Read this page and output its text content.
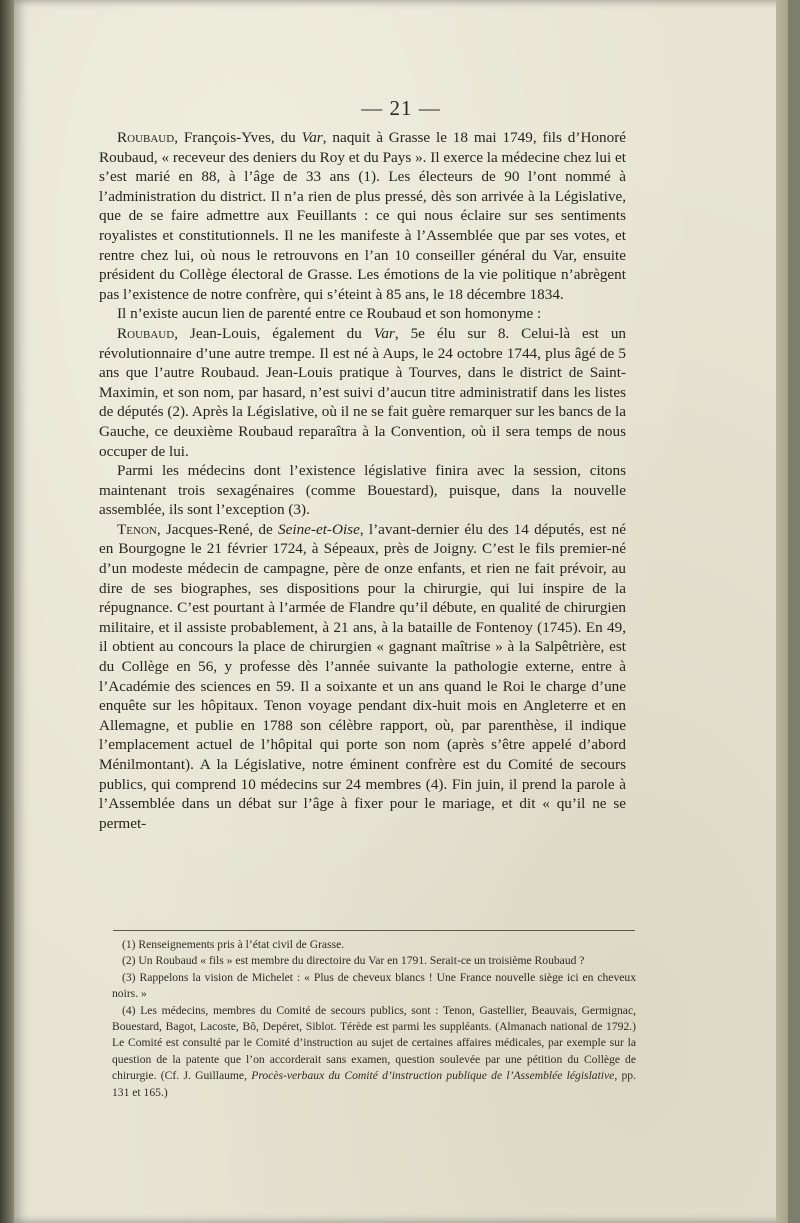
— 21 —

Roubaud, François-Yves, du Var, naquit à Grasse le 18 mai 1749, fils d’Honoré Roubaud, « receveur des deniers du Roy et du Pays ». Il exerce la médecine chez lui et s’est marié en 88, à l’âge de 33 ans (1). Les électeurs de 90 l’ont nommé à l’administration du district. Il n’a rien de plus pressé, dès son arrivée à la Législative, que de se faire admettre aux Feuillants : ce qui nous éclaire sur ses sentiments royalistes et constitutionnels. Il ne les manifeste à l’Assemblée que par ses votes, et rentre chez lui, où nous le retrouvons en l’an 10 conseiller général du Var, ensuite président du Collège électoral de Grasse. Les émotions de la vie politique n’abrègent pas l’existence de notre confrère, qui s’éteint à 85 ans, le 18 décembre 1834.

Il n’existe aucun lien de parenté entre ce Roubaud et son homonyme :

Roubaud, Jean-Louis, également du Var, 5e élu sur 8. Celui-là est un révolutionnaire d’une autre trempe. Il est né à Aups, le 24 octobre 1744, plus âgé de 5 ans que l’autre Roubaud. Jean-Louis pratique à Tourves, dans le district de Saint-Maximin, et son nom, par hasard, n’est suivi d’aucun titre administratif dans les listes de députés (2). Après la Législative, où il ne se fait guère remarquer sur les bancs de la Gauche, ce deuxième Roubaud reparaîtra à la Convention, où il sera temps de nous occuper de lui.

Parmi les médecins dont l’existence législative finira avec la session, citons maintenant trois sexagénaires (comme Bouestard), puisque, dans la nouvelle assemblée, ils sont l’exception (3).

Tenon, Jacques-René, de Seine-et-Oise, l’avant-dernier élu des 14 députés, est né en Bourgogne le 21 février 1724, à Sépeaux, près de Joigny. C’est le fils premier-né d’un modeste médecin de campagne, père de onze enfants, et rien ne fait prévoir, au dire de ses biographes, ses dispositions pour la chirurgie, qui lui inspire de la répugnance. C’est pourtant à l’armée de Flandre qu’il débute, en qualité de chirurgien militaire, et il assiste probablement, à 21 ans, à la bataille de Fontenoy (1745). En 49, il obtient au concours la place de chirurgien « gagnant maîtrise » à la Salpêtrière, est du Collège en 56, y professe dès l’année suivante la pathologie externe, entre à l’Académie des sciences en 59. Il a soixante et un ans quand le Roi le charge d’une enquête sur les hôpitaux. Tenon voyage pendant dix-huit mois en Angleterre et en Allemagne, et publie en 1788 son célèbre rapport, où, par parenthèse, il indique l’emplacement actuel de l’hôpital qui porte son nom (après s’être appelé d’abord Ménilmontant). A la Législative, notre éminent confrère est du Comité de secours publics, qui comprend 10 médecins sur 24 membres (4). Fin juin, il prend la parole à l’Assemblée dans un débat sur l’âge à fixer pour le mariage, et dit « qu’il ne se permet-

(1) Renseignements pris à l’état civil de Grasse.

(2) Un Roubaud « fils » est membre du directoire du Var en 1791. Serait-ce un troisième Roubaud ?

(3) Rappelons la vision de Michelet : « Plus de cheveux blancs ! Une France nouvelle siège ici en cheveux noirs. »

(4) Les médecins, membres du Comité de secours publics, sont : Tenon, Gastellier, Beauvais, Germignac, Bouestard, Bagot, Lacoste, Bô, Depéret, Siblot. Térède est parmi les suppléants. (Almanach national de 1792.) Le Comité est consulté par le Comité d’instruction au sujet de certaines affaires médicales, par exemple sur la question de la patente que l’on accorderait sans examen, question soulevée par une pétition du Collège de chirurgie. (Cf. J. Guillaume, Procès-verbaux du Comité d’instruction publique de l’Assemblée législative, pp. 131 et 165.)
